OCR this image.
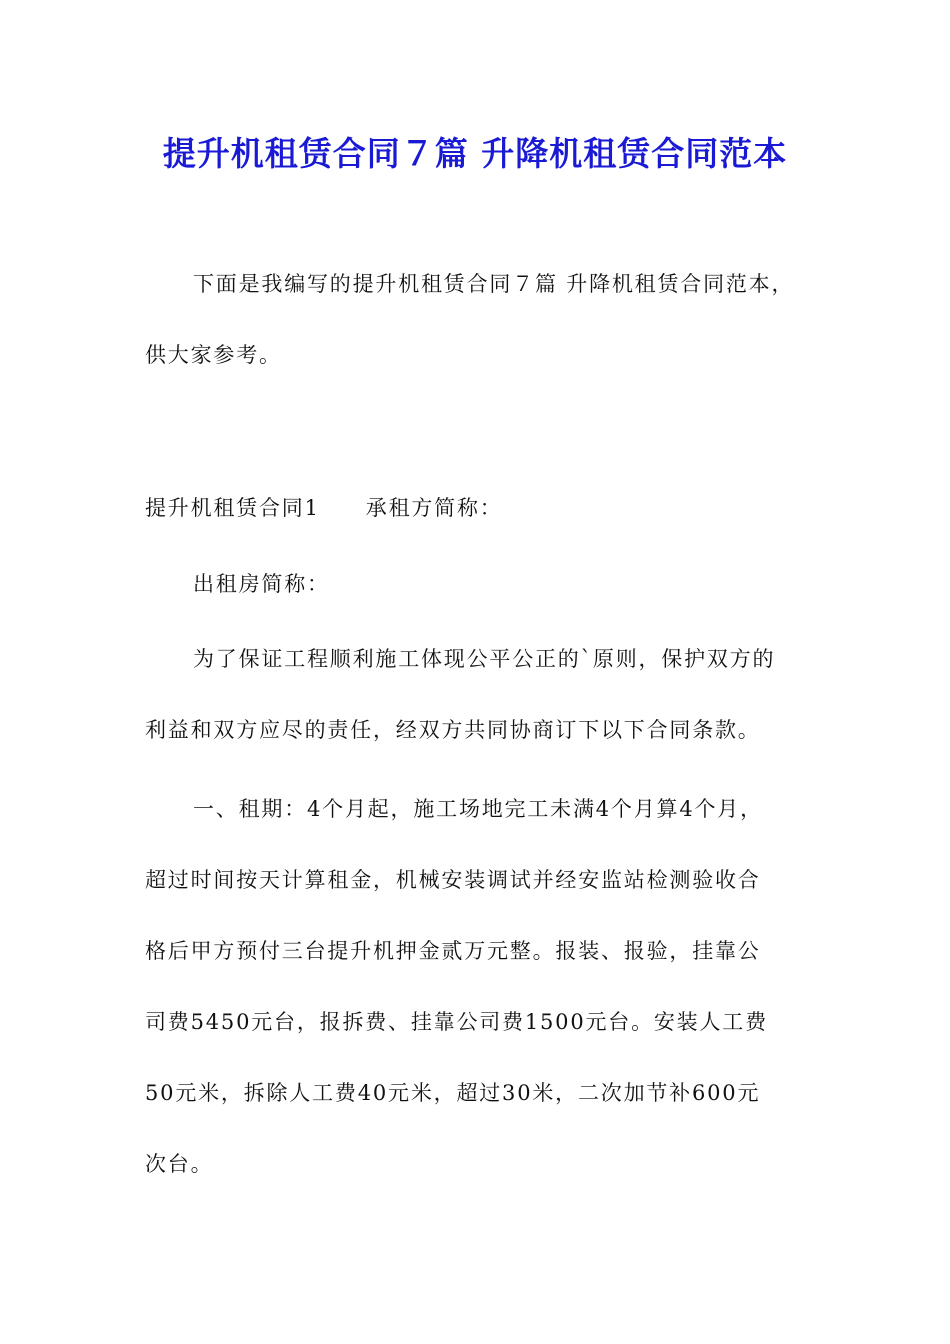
提升机租赁合同７篇 升降机租赁合同范本
下面是我编写的提升机租赁合同７篇 升降机租赁合同范本，
供大家参考。
提升机租赁合同1 承租方简称：
出租房简称：
为了保证工程顺利施工体现公平公正的`原则，保护双方的
利益和双方应尽的责任，经双方共同协商订下以下合同条款。
一、租期：4个月起，施工场地完工未满4个月算4个月，
超过时间按天计算租金，机械安装调试并经安监站检测验收合
格后甲方预付三台提升机押金贰万元整。报装、报验，挂靠公
司费5450元台，报拆费、挂靠公司费1500元台。安装人工费
50元米，拆除人工费40元米，超过30米，二次加节补600元
次台。
